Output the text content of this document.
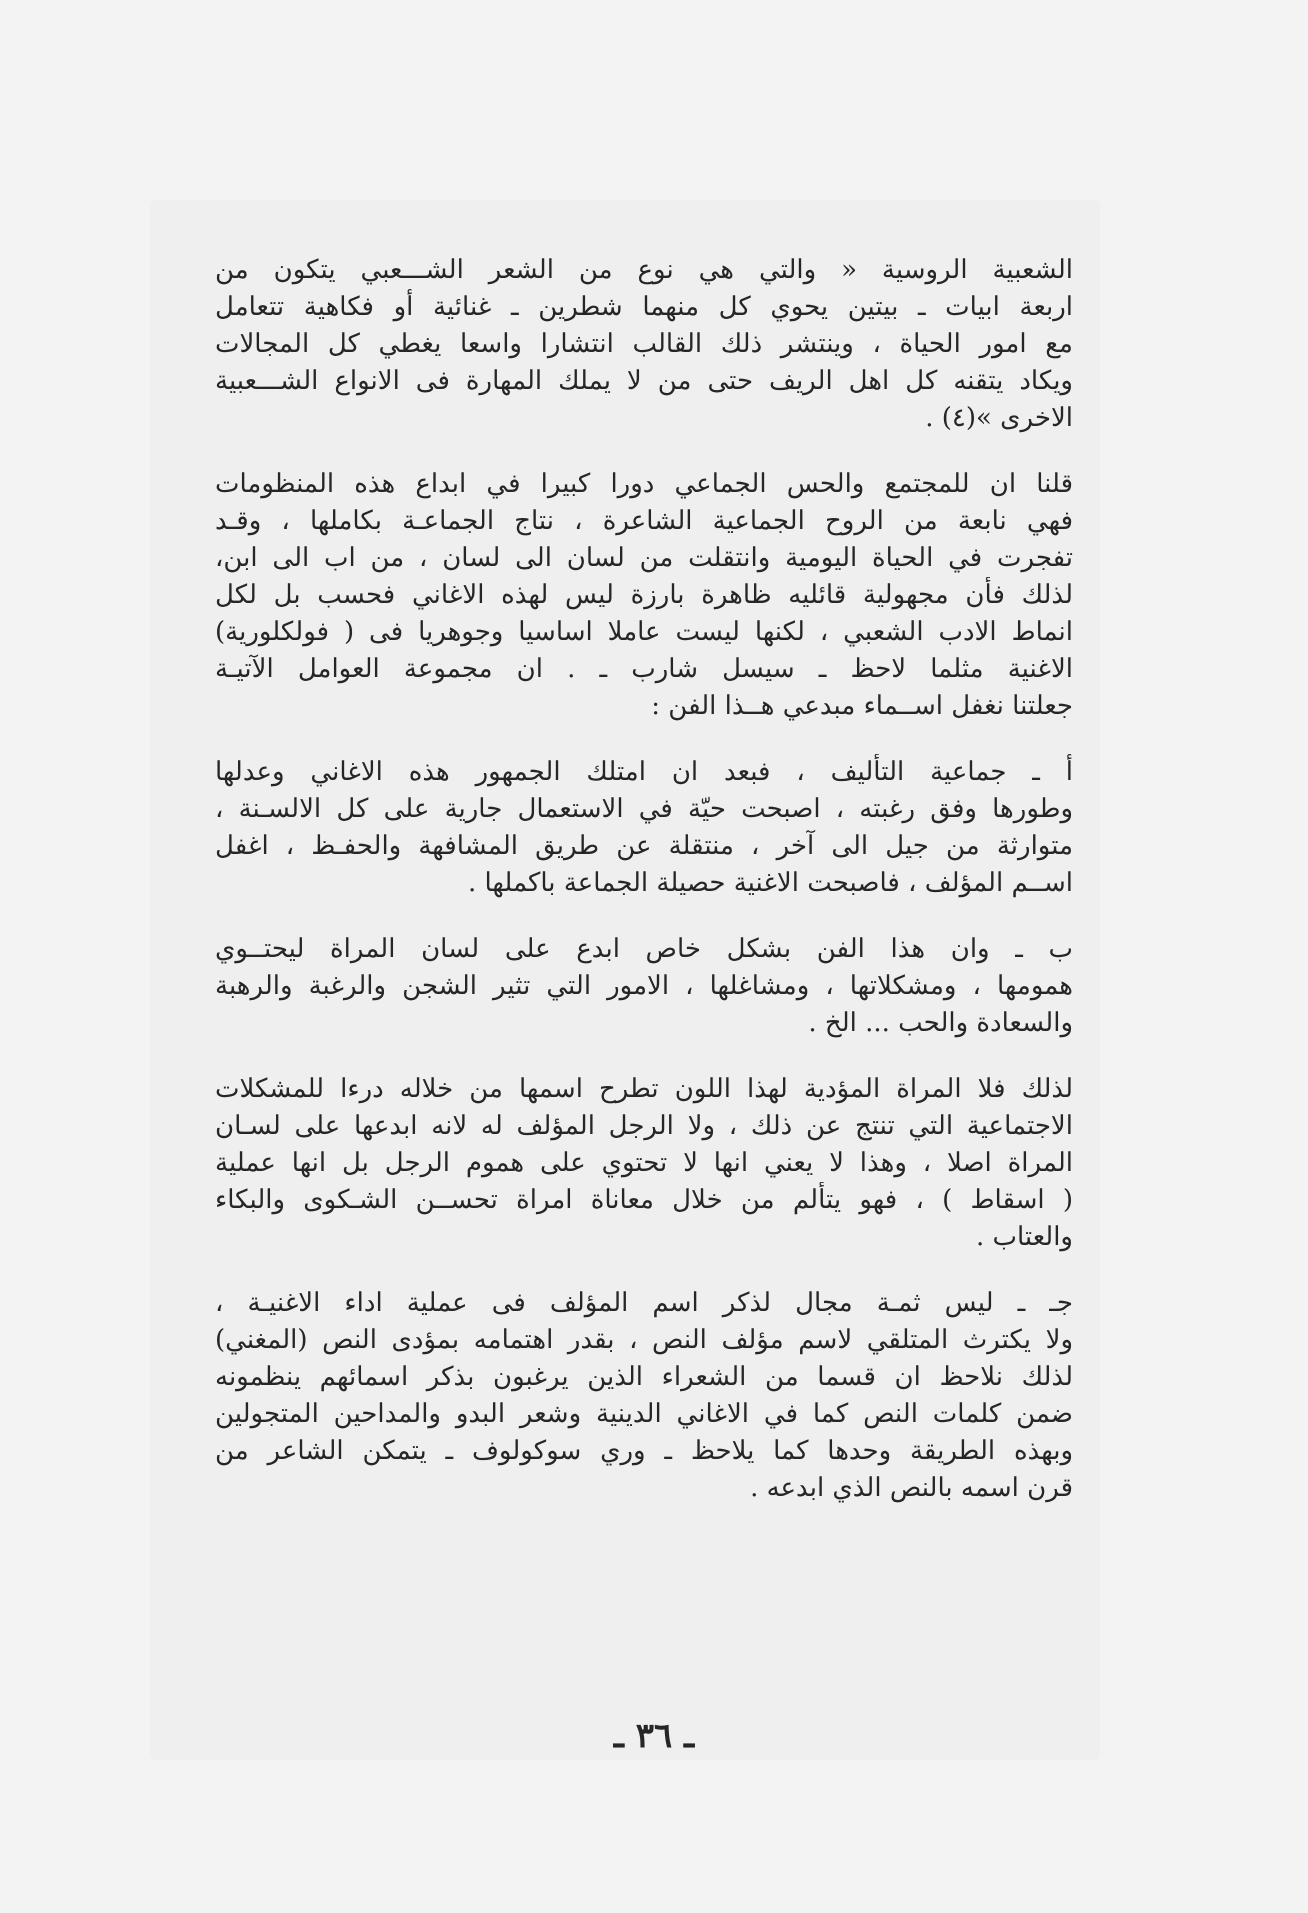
الشعبية الروسية « والتي هي نوع من الشعر الشـــعبي يتكون من
اربعة ابيات ـ بيتين يحوي كل منهما شطرين ـ غنائية أو فكاهية تتعامل
مع امور الحياة ، وينتشر ذلك القالب انتشارا واسعا يغطي كل المجالات
ويكاد يتقنه كل اهل الريف حتى من لا يملك المهارة فى الانواع الشـــعبية
الاخرى »(٤) .

قلنا ان للمجتمع والحس الجماعي دورا كبيرا في ابداع هذه المنظومات
فهي نابعة من الروح الجماعية الشاعرة ، نتاج الجماعـة بكاملها ، وقـد
تفجرت في الحياة اليومية وانتقلت من لسان الى لسان ، من اب الى ابن،
لذلك فأن مجهولية قائليه ظاهرة بارزة ليس لهذه الاغاني فحسب بل لكل
انماط الادب الشعبي ، لكنها ليست عاملا اساسيا وجوهريا فى ( فولكلورية)
الاغنية مثلما لاحظ ـ سيسل شارب ـ . ان مجموعة العوامل الآتيـة
جعلتنا نغفل اســماء مبدعي هــذا الفن :

أ ـ جماعية التأليف ، فبعد ان امتلك الجمهور هذه الاغاني وعدلها
وطورها وفق رغبته ، اصبحت حيّة في الاستعمال جارية على كل الالسـنة ،
متوارثة من جيل الى آخر ، منتقلة عن طريق المشافهة والحفـظ ، اغفل
اســم المؤلف ، فاصبحت الاغنية حصيلة الجماعة باكملها .

ب ـ وان هذا الفن بشكل خاص ابدع على لسان المراة ليحتــوي
همومها ، ومشكلاتها ، ومشاغلها ، الامور التي تثير الشجن والرغبة والرهبة
والسعادة والحب ... الخ .

لذلك فلا المراة المؤدية لهذا اللون تطرح اسمها من خلاله درءا للمشكلات
الاجتماعية التي تنتج عن ذلك ، ولا الرجل المؤلف له لانه ابدعها على لسـان
المراة اصلا ، وهذا لا يعني انها لا تحتوي على هموم الرجل بل انها عملية
( اسقاط ) ، فهو يتألم من خلال معاناة امراة تحســن الشـكوى والبكاء
والعتاب .

جـ ـ ليس ثمـة مجال لذكر اسم المؤلف فى عملية اداء الاغنيـة ،
ولا يكترث المتلقي لاسم مؤلف النص ، بقدر اهتمامه بمؤدى النص (المغني)
لذلك نلاحظ ان قسما من الشعراء الذين يرغبون بذكر اسمائهم ينظمونه
ضمن كلمات النص كما في الاغاني الدينية وشعر البدو والمداحين المتجولين
وبهذه الطريقة وحدها كما يلاحظ ـ وري سوكولوف ـ يتمكن الشاعر من
قرن اسمه بالنص الذي ابدعه .

ـ ٣٦ ـ
